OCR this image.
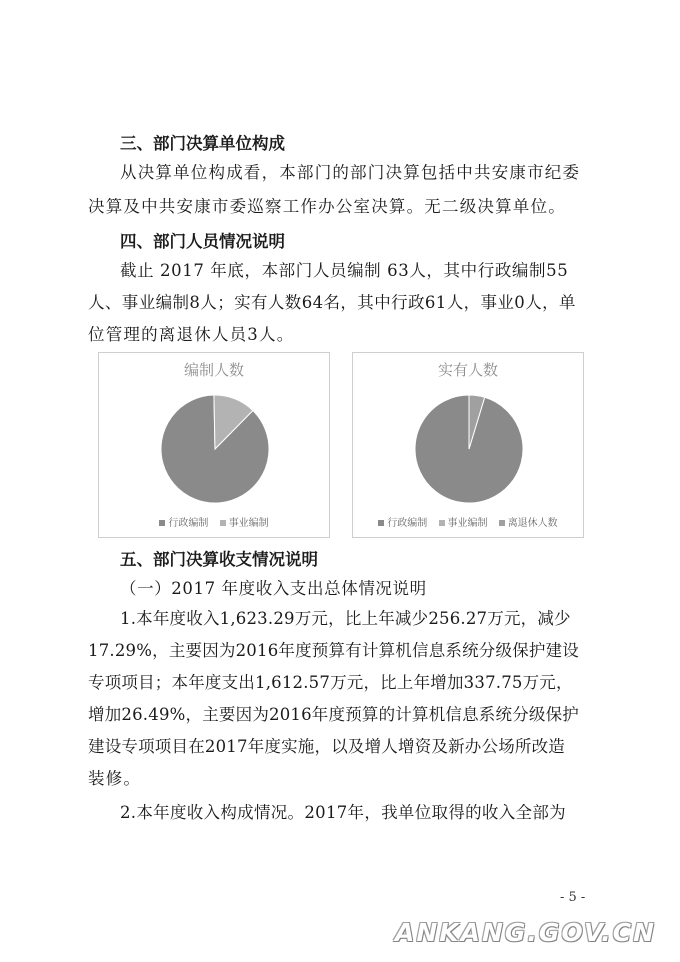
三、部门决算单位构成
从决算单位构成看，本部门的部门决算包括中共安康市纪委
决算及中共安康市委巡察工作办公室决算。无二级决算单位。
四、部门人员情况说明
截止 2017 年底，本部门人员编制 63人，其中行政编制55
人、事业编制8人；实有人数64名，其中行政61人，事业0人，单
位管理的离退休人员3人。
编制人数
行政编制 事业编制
实有人数
行政编制 事业编制 离退休人数
五、部门决算收支情况说明
（一）2017 年度收入支出总体情况说明
1.本年度收入1,623.29万元，比上年减少256.27万元，减少
17.29%，主要因为2016年度预算有计算机信息系统分级保护建设
专项项目；本年度支出1,612.57万元，比上年增加337.75万元，
增加26.49%，主要因为2016年度预算的计算机信息系统分级保护
建设专项项目在2017年度实施，以及增人增资及新办公场所改造
装修。
2.本年度收入构成情况。2017年，我单位取得的收入全部为
- 5 -
ANKANG.GOV.CN
